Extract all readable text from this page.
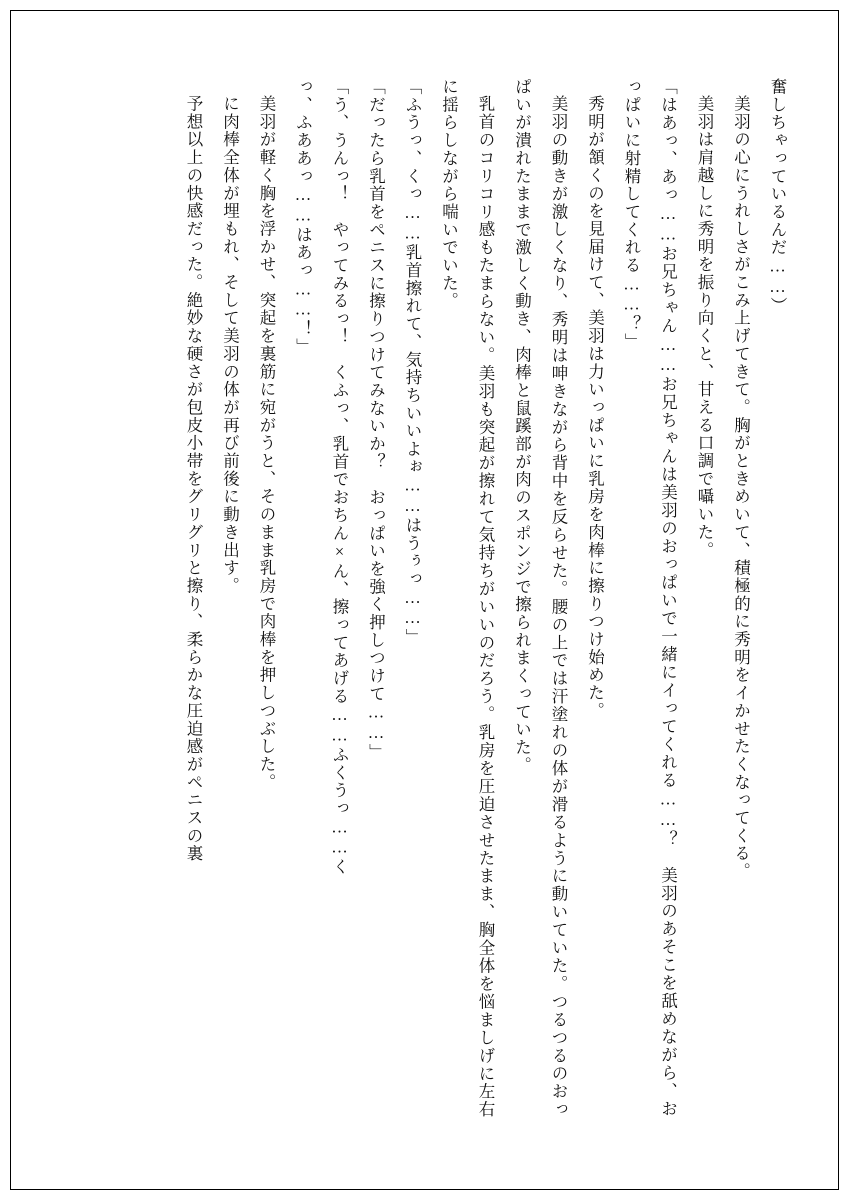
奮しちゃっているんだ……）

美羽の心にうれしさがこみ上げてきて。胸がときめいて、積極的に秀明をイかせたくなってくる。

美羽は肩越しに秀明を振り向くと、甘える口調で囁いた。

「はあっ、あっ……お兄ちゃん……お兄ちゃんは美羽のおっぱいで一緒にイってくれる……？　美羽のあそこを舐めながら、おっぱいに射精してくれる……？」

秀明が頷くのを見届けて、美羽は力いっぱいに乳房を肉棒に擦りつけ始めた。

美羽の動きが激しくなり、秀明は呻きながら背中を反らせた。腰の上では汗塗れの体が滑るように動いていた。つるつるのおっぱいが潰れたままで激しく動き、肉棒と鼠蹊部が肉のスポンジで擦られまくっていた。

乳首のコリコリ感もたまらない。美羽も突起が擦れて気持ちがいいのだろう。乳房を圧迫させたまま、胸全体を悩ましげに左右に揺らしながら喘いでいた。

「ふうっ、くっ……乳首擦れて、気持ちいいよぉ……はうぅっ……」

「だったら乳首をペニスに擦りつけてみないか？　おっぱいを強く押しつけて……」

「う、うんっ！　やってみるっ！　くふっ、乳首でおちん×ん、擦ってあげる……ふくうっ……く

っ、ふああっ……はあっ……！」

美羽が軽く胸を浮かせ、突起を裏筋に宛がうと、そのまま乳房で肉棒を押しつぶした。

に肉棒全体が埋もれ、そして美羽の体が再び前後に動き出す。

予想以上の快感だった。絶妙な硬さが包皮小帯をグリグリと擦り、柔らかな圧迫感がペニスの裏
